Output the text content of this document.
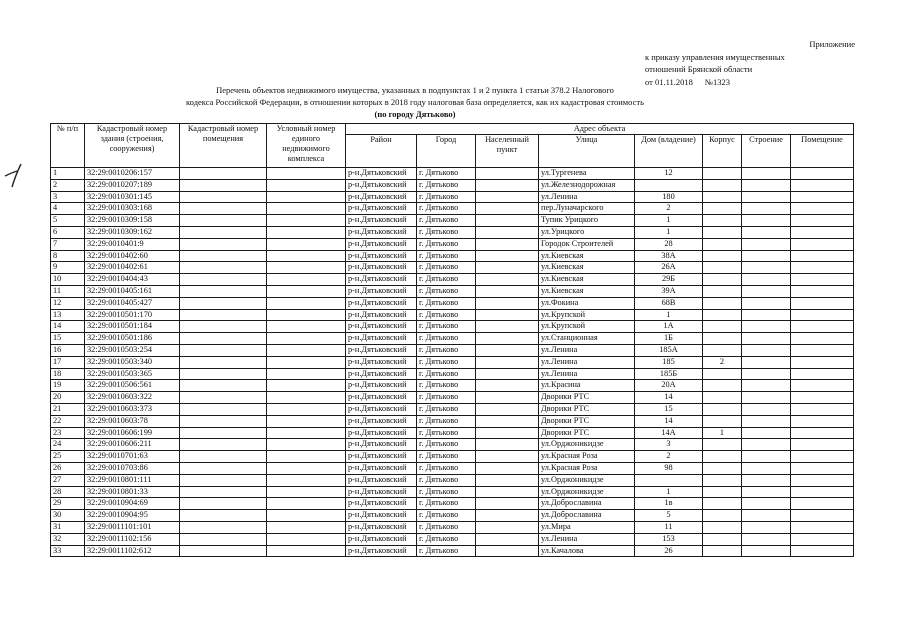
Приложение
к приказу управления имущественных
отношений Брянской области
от 01.11.2018 №1323
Перечень объектов недвижимого имущества, указанных в подпунктах 1 и 2 пункта 1 статьи 378.2 Налогового
кодекса Российской Федерации, в отношении которых в 2018 году налоговая база определяется, как их кадастровая стоимость
(по городу Дятьково)
№ п/п	Кадастровый номер здания (строения, сооружения)	Кадастровый номер помещения	Условный номер единого недвижимого комплекса	Адрес объекта							
				Район	Город	Населенный пункт	Улица	Дом (владение)	Корпус	Строение	Помещение
1	32:29:0010206:157			р-н.Дятьковский	г. Дятьково		ул.Тургенева	12			
2	32:29:0010207:189			р-н.Дятьковский	г. Дятьково		ул.Железнодорожная				
3	32:29:0010301:145			р-н.Дятьковский	г. Дятьково		ул.Ленина	180			
4	32:29:0010303:168			р-н.Дятьковский	г. Дятьково		пер.Луначарского	2			
5	32:29:0010309:158			р-н.Дятьковский	г. Дятьково		Тупик Урицкого	1			
6	32:29:0010309:162			р-н.Дятьковский	г. Дятьково		ул.Урицкого	1			
7	32:29:0010401:9			р-н.Дятьковский	г. Дятьково		Городок Строителей	28			
8	32:29:0010402:60			р-н.Дятьковский	г. Дятьково		ул.Киевская	38А			
9	32:29:0010402:61			р-н.Дятьковский	г. Дятьково		ул.Киевская	26А			
10	32:29:0010404:43			р-н.Дятьковский	г. Дятьково		ул.Киевская	29Б			
11	32:29:0010405:161			р-н.Дятьковский	г. Дятьково		ул.Киевская	39А			
12	32:29:0010405:427			р-н.Дятьковский	г. Дятьково		ул.Фокина	68В			
13	32:29:0010501:170			р-н.Дятьковский	г. Дятьково		ул.Крупской	1			
14	32:29:0010501:184			р-н.Дятьковский	г. Дятьково		ул.Крупской	1А			
15	32:29:0010501:186			р-н.Дятьковский	г. Дятьково		ул.Станционная	1Б			
16	32:29:0010503:254			р-н.Дятьковский	г. Дятьково		ул.Ленина	185А			
17	32:29:0010503:340			р-н.Дятьковский	г. Дятьково		ул.Ленина	185	2		
18	32:29:0010503:365			р-н.Дятьковский	г. Дятьково		ул.Ленина	185Б			
19	32:29:0010506:561			р-н.Дятьковский	г. Дятьково		ул.Красина	20А			
20	32:29:0010603:322			р-н.Дятьковский	г. Дятьково		Дворики РТС	14			
21	32:29:0010603:373			р-н.Дятьковский	г. Дятьково		Дворики РТС	15			
22	32:29:0010603:78			р-н.Дятьковский	г. Дятьково		Дворики РТС	14			
23	32:29:0010606:199			р-н.Дятьковский	г. Дятьково		Дворики РТС	14А	1		
24	32:29:0010606:211			р-н.Дятьковский	г. Дятьково		ул.Орджоникидзе	3			
25	32:29:0010701:63			р-н.Дятьковский	г. Дятьково		ул.Красная Роза	2			
26	32:29:0010703:86			р-н.Дятьковский	г. Дятьково		ул.Красная Роза	98			
27	32:29:0010801:111			р-н.Дятьковский	г. Дятьково		ул.Орджоникидзе				
28	32:29:0010801:33			р-н.Дятьковский	г. Дятьково		ул.Орджоникидзе	1			
29	32:29:0010904:69			р-н.Дятьковский	г. Дятьково		ул.Доброславина	1в			
30	32:29:0010904:95			р-н.Дятьковский	г. Дятьково		ул.Доброславина	5			
31	32:29:0011101:101			р-н.Дятьковский	г. Дятьково		ул.Мира	11			
32	32:29:0011102:156			р-н.Дятьковский	г. Дятьково		ул.Ленина	153			
33	32:29:0011102:612			р-н.Дятьковский	г. Дятьково		ул.Качалова	26			
